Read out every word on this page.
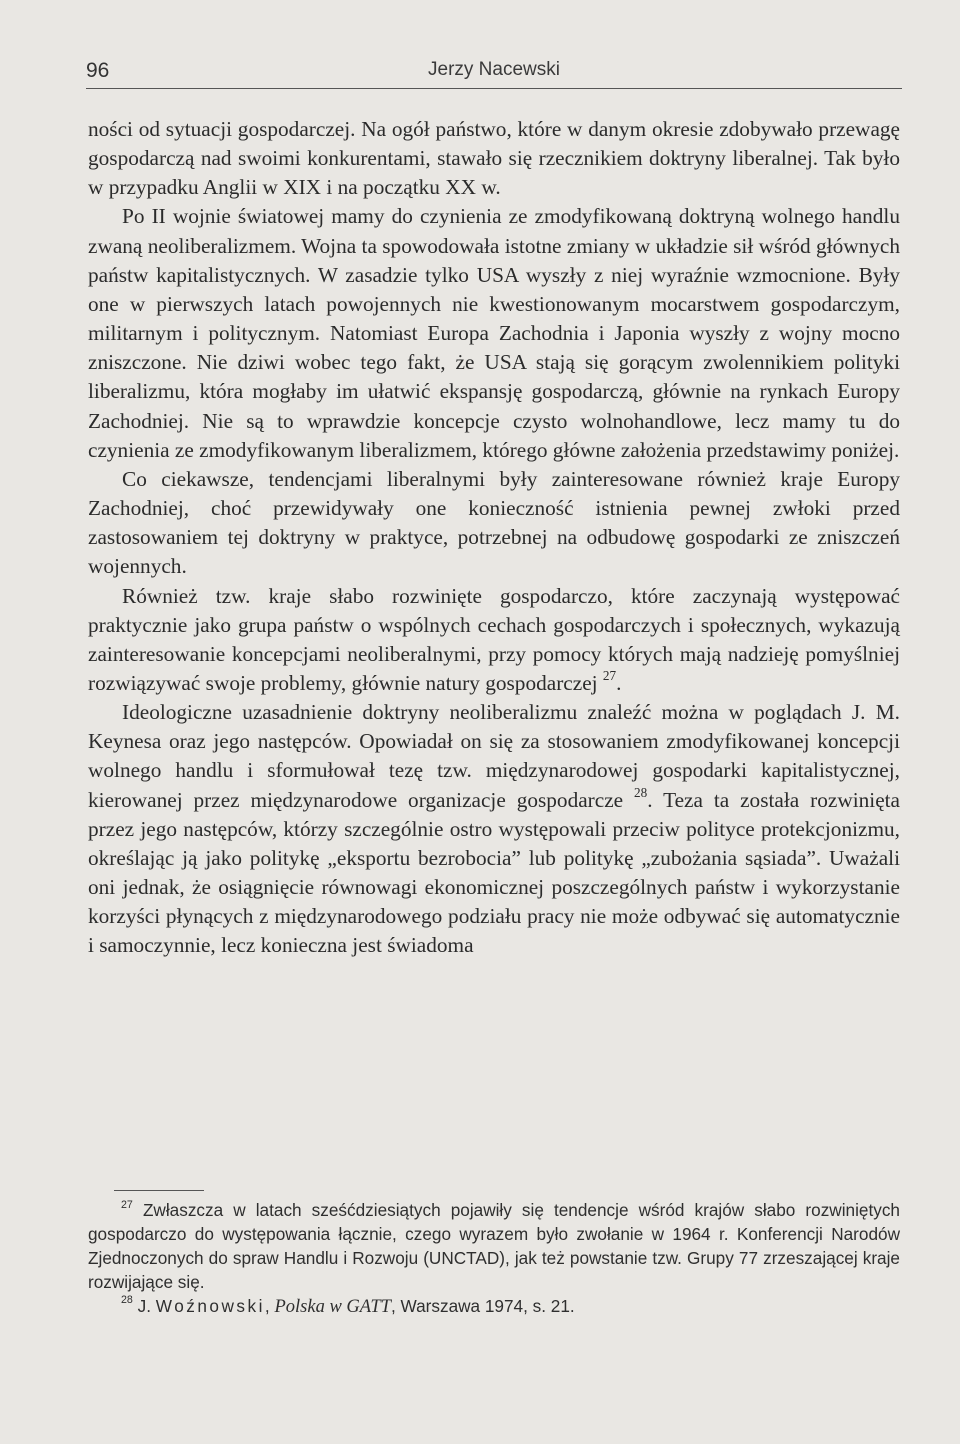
96	Jerzy Nacewski

ności od sytuacji gospodarczej. Na ogół państwo, które w danym okresie zdobywało przewagę gospodarczą nad swoimi konkurentami, stawało się rzecznikiem doktryny liberalnej. Tak było w przypadku Anglii w XIX i na początku XX w.

Po II wojnie światowej mamy do czynienia ze zmodyfikowaną doktryną wolnego handlu zwaną neoliberalizmem. Wojna ta spowodowała istotne zmiany w układzie sił wśród głównych państw kapitalistycznych. W zasadzie tylko USA wyszły z niej wyraźnie wzmocnione. Były one w pierwszych latach powojennych nie kwestionowanym mocarstwem gospodarczym, militarnym i politycznym. Natomiast Europa Zachodnia i Japonia wyszły z wojny mocno zniszczone. Nie dziwi wobec tego fakt, że USA stają się gorącym zwolennikiem polityki liberalizmu, która mogłaby im ułatwić ekspansję gospodarczą, głównie na rynkach Europy Zachodniej. Nie są to wprawdzie koncepcje czysto wolnohandlowe, lecz mamy tu do czynienia ze zmodyfikowanym liberalizmem, którego główne założenia przedstawimy poniżej.

Co ciekawsze, tendencjami liberalnymi były zainteresowane również kraje Europy Zachodniej, choć przewidywały one konieczność istnienia pewnej zwłoki przed zastosowaniem tej doktryny w praktyce, potrzebnej na odbudowę gospodarki ze zniszczeń wojennych.

Również tzw. kraje słabo rozwinięte gospodarczo, które zaczynają występować praktycznie jako grupa państw o wspólnych cechach gospodarczych i społecznych, wykazują zainteresowanie koncepcjami neoliberalnymi, przy pomocy których mają nadzieję pomyślniej rozwiązywać swoje problemy, głównie natury gospodarczej $^{27}$.

Ideologiczne uzasadnienie doktryny neoliberalizmu znaleźć można w poglądach J. M. Keynesa oraz jego następców. Opowiadał on się za stosowaniem zmodyfikowanej koncepcji wolnego handlu i sformułował tezę tzw. międzynarodowej gospodarki kapitalistycznej, kierowanej przez międzynarodowe organizacje gospodarcze $^{28}$. Teza ta została rozwinięta przez jego następców, którzy szczególnie ostro występowali przeciw polityce protekcjonizmu, określając ją jako politykę „eksportu bezrobocia” lub politykę „zubożania sąsiada”. Uważali oni jednak, że osiągnięcie równowagi ekonomicznej poszczególnych państw i wykorzystanie korzyści płynących z międzynarodowego podziału pracy nie może odbywać się automatycznie i samoczynnie, lecz konieczna jest świadoma

$^{27}$ Zwłaszcza w latach sześćdziesiątych pojawiły się tendencje wśród krajów słabo rozwiniętych gospodarczo do występowania łącznie, czego wyrazem było zwołanie w 1964 r. Konferencji Narodów Zjednoczonych do spraw Handlu i Rozwoju (UNCTAD), jak też powstanie tzw. Grupy 77 zrzeszającej kraje rozwijające się.

$^{28}$ J. Woźnowski, Polska w GATT, Warszawa 1974, s. 21.
